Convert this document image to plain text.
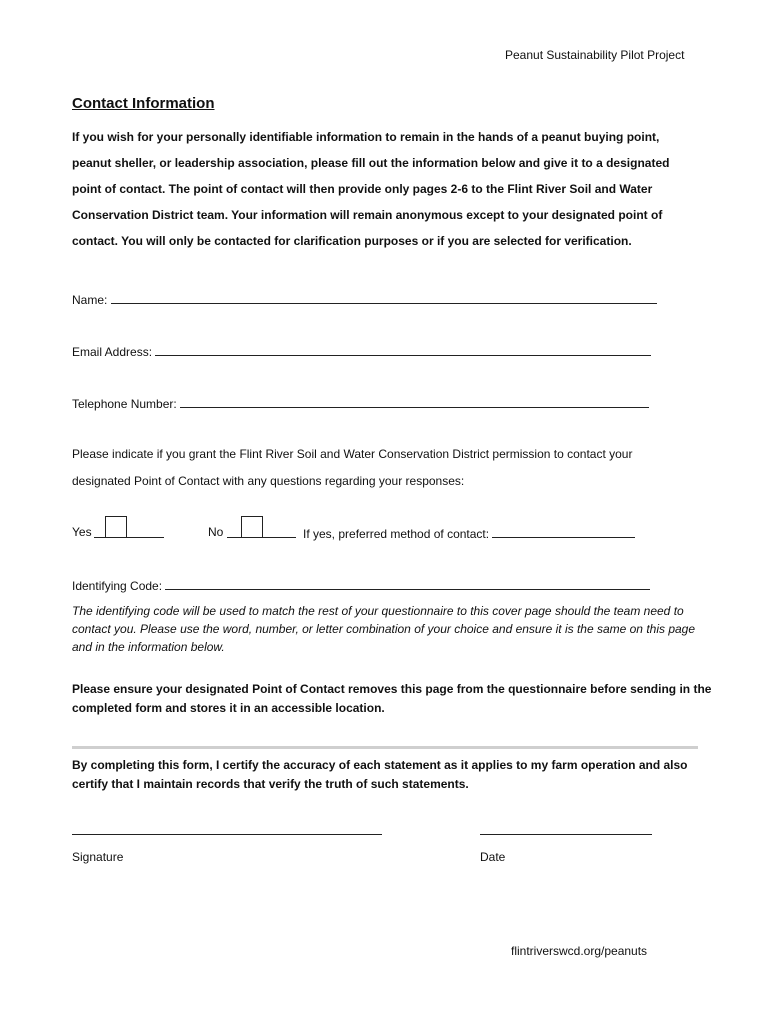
Peanut Sustainability Pilot Project
Contact Information
If you wish for your personally identifiable information to remain in the hands of a peanut buying point,
peanut sheller, or leadership association, please fill out the information below and give it to a designated
point of contact. The point of contact will then provide only pages 2-6 to the Flint River Soil and Water
Conservation District team. Your information will remain anonymous except to your designated point of
contact. You will only be contacted for clarification purposes or if you are selected for verification.
Name:
Email Address:
Telephone Number:
Please indicate if you grant the Flint River Soil and Water Conservation District permission to contact your
designated Point of Contact with any questions regarding your responses:
Yes	No	If yes, preferred method of contact:
Identifying Code:
The identifying code will be used to match the rest of your questionnaire to this cover page should the team need to contact you. Please use the word, number, or letter combination of your choice and ensure it is the same on this page and in the information below.
Please ensure your designated Point of Contact removes this page from the questionnaire before sending in the completed form and stores it in an accessible location.
By completing this form, I certify the accuracy of each statement as it applies to my farm operation and also certify that I maintain records that verify the truth of such statements.
Signature	Date
flintriverswcd.org/peanuts
